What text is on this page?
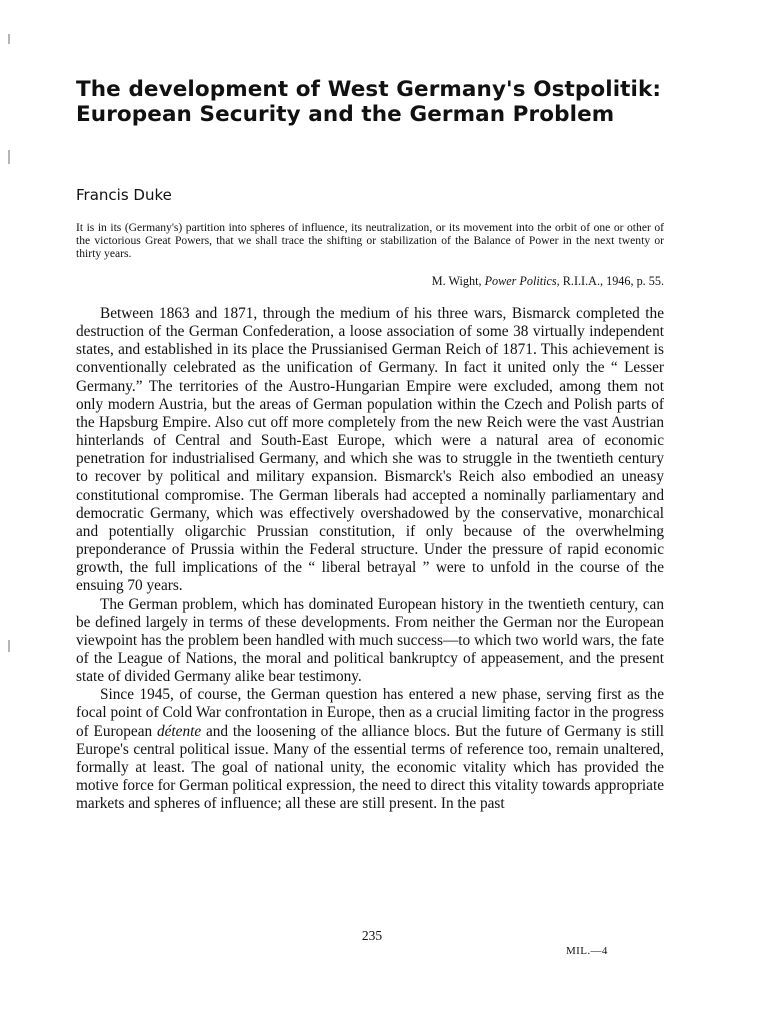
The development of West Germany's Ostpolitik: European Security and the German Problem

Francis Duke

It is in its (Germany's) partition into spheres of influence, its neutralization, or its movement into the orbit of one or other of the victorious Great Powers, that we shall trace the shifting or stabilization of the Balance of Power in the next twenty or thirty years.

M. Wight, Power Politics, R.I.I.A., 1946, p. 55.

Between 1863 and 1871, through the medium of his three wars, Bismarck completed the destruction of the German Confederation, a loose association of some 38 virtually independent states, and established in its place the Prussianised German Reich of 1871. This achievement is conventionally celebrated as the unification of Germany. In fact it united only the “ Lesser Germany.” The territories of the Austro-Hungarian Empire were excluded, among them not only modern Austria, but the areas of German population within the Czech and Polish parts of the Hapsburg Empire. Also cut off more completely from the new Reich were the vast Austrian hinterlands of Central and South-East Europe, which were a natural area of economic penetration for industrialised Germany, and which she was to struggle in the twentieth century to recover by political and military expansion. Bismarck's Reich also embodied an uneasy constitutional compromise. The German liberals had accepted a nominally parliamentary and democratic Germany, which was effectively overshadowed by the conservative, monarchical and potentially oligarchic Prussian constitution, if only because of the overwhelming preponderance of Prussia within the Federal structure. Under the pressure of rapid economic growth, the full implications of the “ liberal betrayal ” were to unfold in the course of the ensuing 70 years.

The German problem, which has dominated European history in the twentieth century, can be defined largely in terms of these developments. From neither the German nor the European viewpoint has the problem been handled with much success—to which two world wars, the fate of the League of Nations, the moral and political bankruptcy of appeasement, and the present state of divided Germany alike bear testimony.

Since 1945, of course, the German question has entered a new phase, serving first as the focal point of Cold War confrontation in Europe, then as a crucial limiting factor in the progress of European détente and the loosening of the alliance blocs. But the future of Germany is still Europe's central political issue. Many of the essential terms of reference too, remain unaltered, formally at least. The goal of national unity, the economic vitality which has provided the motive force for German political expression, the need to direct this vitality towards appropriate markets and spheres of influence; all these are still present. In the past

235

MIL.—4
